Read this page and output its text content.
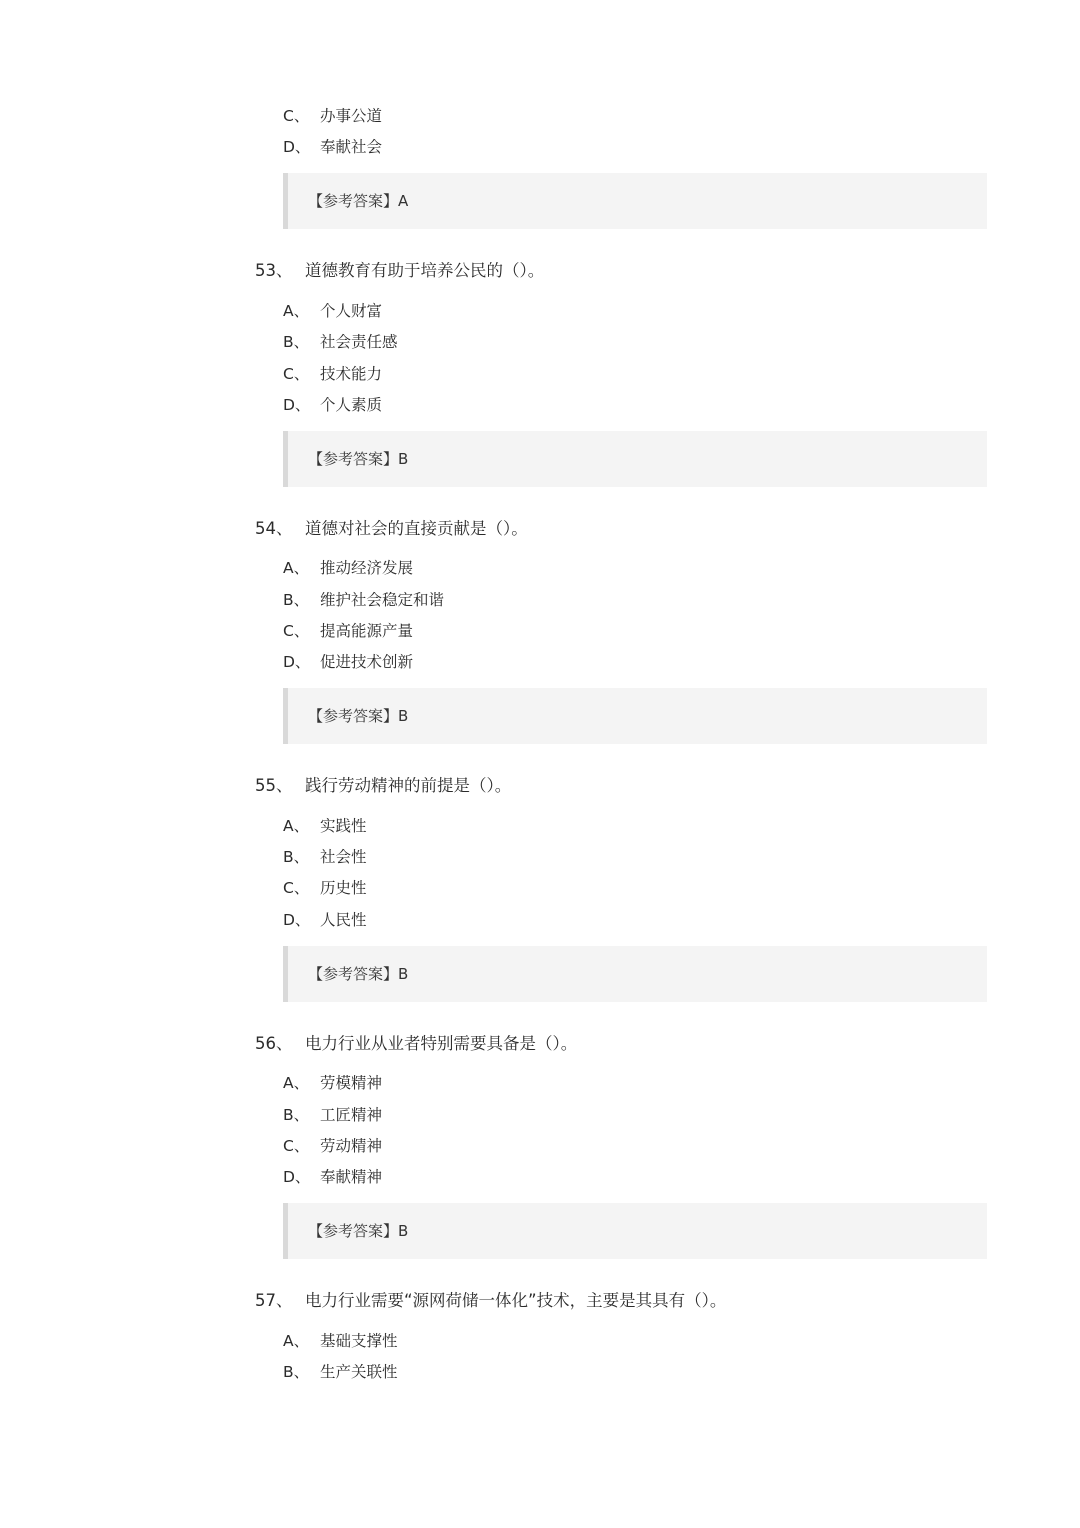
C、 办事公道
D、 奉献社会
【参考答案】A
53、 道德教育有助于培养公民的（）。
A、 个人财富
B、 社会责任感
C、 技术能力
D、 个人素质
【参考答案】B
54、 道德对社会的直接贡献是（）。
A、 推动经济发展
B、 维护社会稳定和谐
C、 提高能源产量
D、 促进技术创新
【参考答案】B
55、 践行劳动精神的前提是（）。
A、 实践性
B、 社会性
C、 历史性
D、 人民性
【参考答案】B
56、 电力行业从业者特别需要具备是（）。
A、 劳模精神
B、 工匠精神
C、 劳动精神
D、 奉献精神
【参考答案】B
57、 电力行业需要“源网荷储一体化”技术，主要是其具有（）。
A、 基础支撑性
B、 生产关联性
